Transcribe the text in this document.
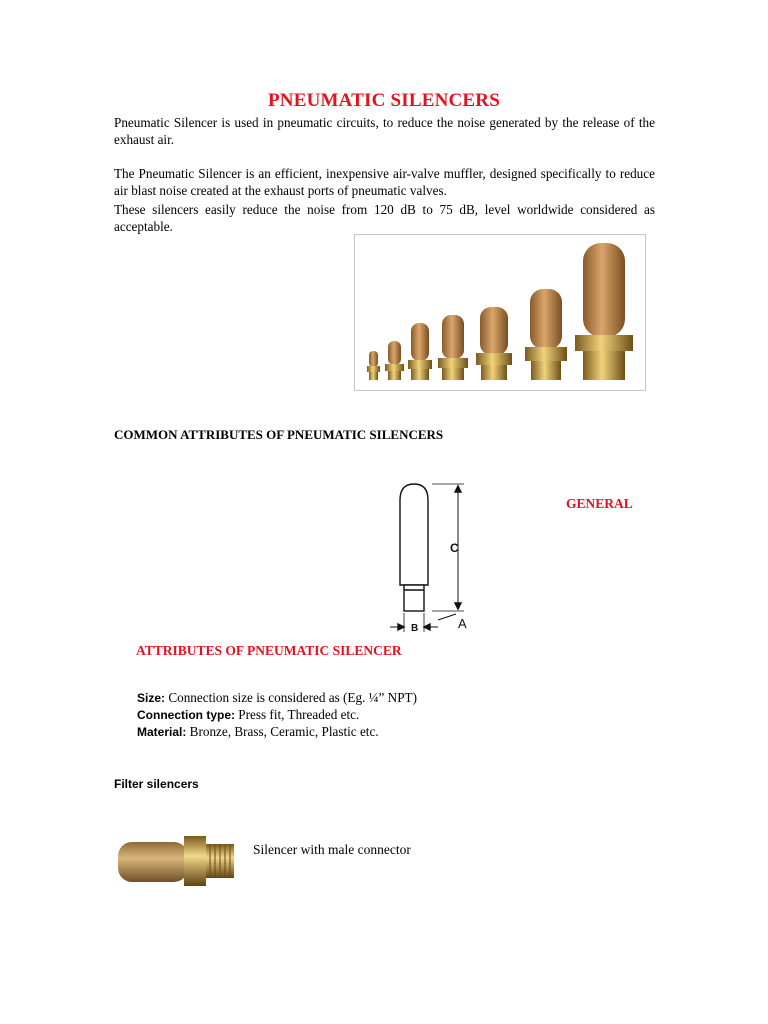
PNEUMATIC SILENCERS

Pneumatic Silencer is used in pneumatic circuits, to reduce the noise generated by the release of the exhaust air.

The Pneumatic Silencer is an efficient, inexpensive air-valve muffler, designed specifically to reduce air blast noise created at the exhaust ports of pneumatic valves.

These silencers easily reduce the noise from 120 dB to 75 dB, level worldwide considered as acceptable.

COMMON ATTRIBUTES OF PNEUMATIC SILENCERS
C
B	A
GENERAL
ATTRIBUTES OF PNEUMATIC SILENCER
Size: Connection size is considered as (Eg. ¼” NPT)
Connection type: Press fit, Threaded etc.
Material: Bronze, Brass, Ceramic, Plastic etc.
Filter silencers
Silencer with male connector
